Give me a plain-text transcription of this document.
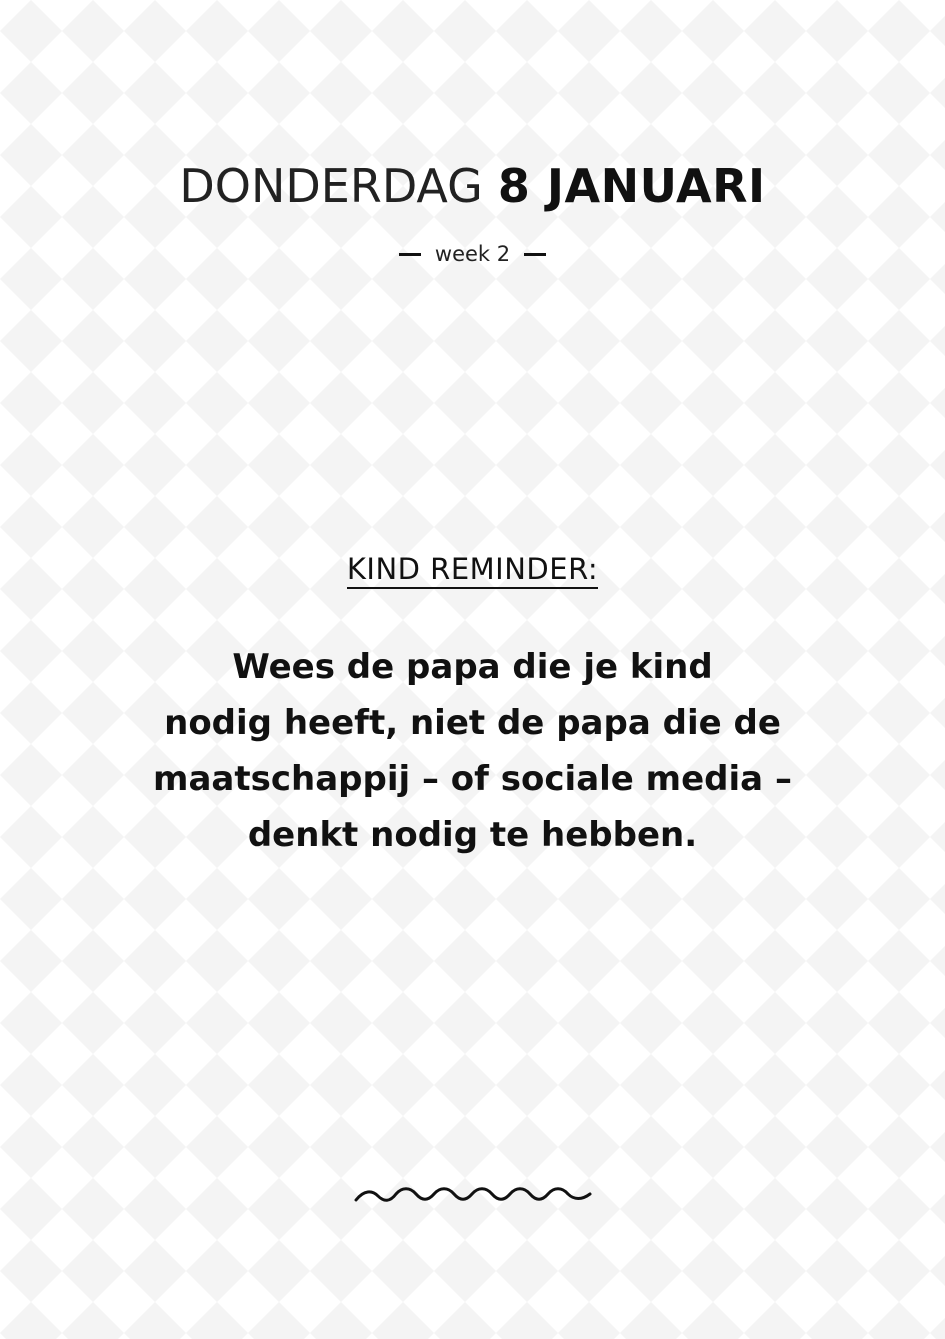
DONDERDAG 8 JANUARI
week 2
KIND REMINDER:
Wees de papa die je kind
nodig heeft, niet de papa die de
maatschappij – of sociale media –
denkt nodig te hebben.
